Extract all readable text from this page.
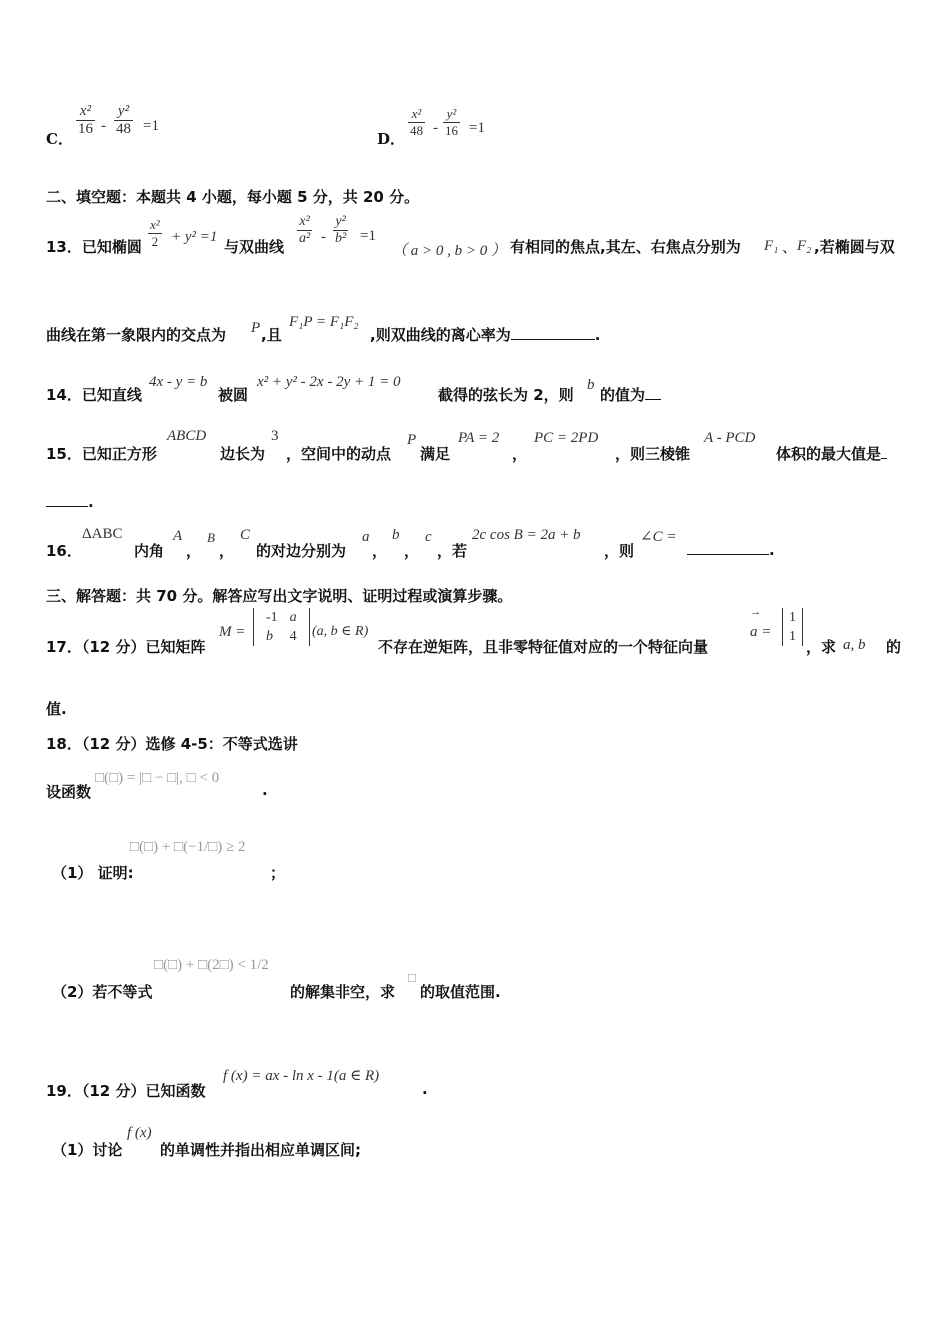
C．
x²
16 -
y²
48 =1
D．
x²
48 -
y²
16 =1
二、填空题：本题共 4 小题，每小题 5 分，共 20 分。
13．已知椭圆
x²
2 + y² =1
与双曲线
x²
a² -
y²
b² =1
（ a > 0 , b > 0 ） 有相同的焦点,其左、右焦点分别为 F₁ 、 F₂ ,若椭圆与双
曲线在第一象限内的交点为 P ,且
F₁P = F₁F₂
,则双曲线的离心率为	.
14．已知直线
4x - y = b
被圆
x² + y² - 2x - 2y + 1 = 0
截得的弦长为 2，则
b
的值为
15．已知正方形
ABCD
边长为
3
，空间中的动点
P
满足
PA = 2
，
PC = 2PD
，则三棱锥
A - PCD
体积的最大值是
.
16．
ΔABC
内角
A
，
B
，
C
的对边分别为
a
，
b
，
c
，若
2c cos B = 2a + b
，则
∠C =
.
三、解答题：共 70 分。解答应写出文字说明、证明过程或演算步骤。
17．（12 分）已知矩阵
M =
-1	a
b	4 (a, b ∈ R)
不存在逆矩阵，且非零特征值对应的一个特征向量
→
a =
1
1
，求 a, b 的
值.
18．（12 分）选修 4-5：不等式选讲
设函数
□(□) = |□ − □|, □ < 0
.
（1） 证明:
□(□) + □(−1/□) ≥ 2
；
（2）若不等式
□(□) + □(2□) < 1/2
的解集非空，求
□
的取值范围.
19．（12 分）已知函数
f (x) = ax - ln x - 1(a ∈ R)
.
（1）讨论
f (x)
的单调性并指出相应单调区间;
